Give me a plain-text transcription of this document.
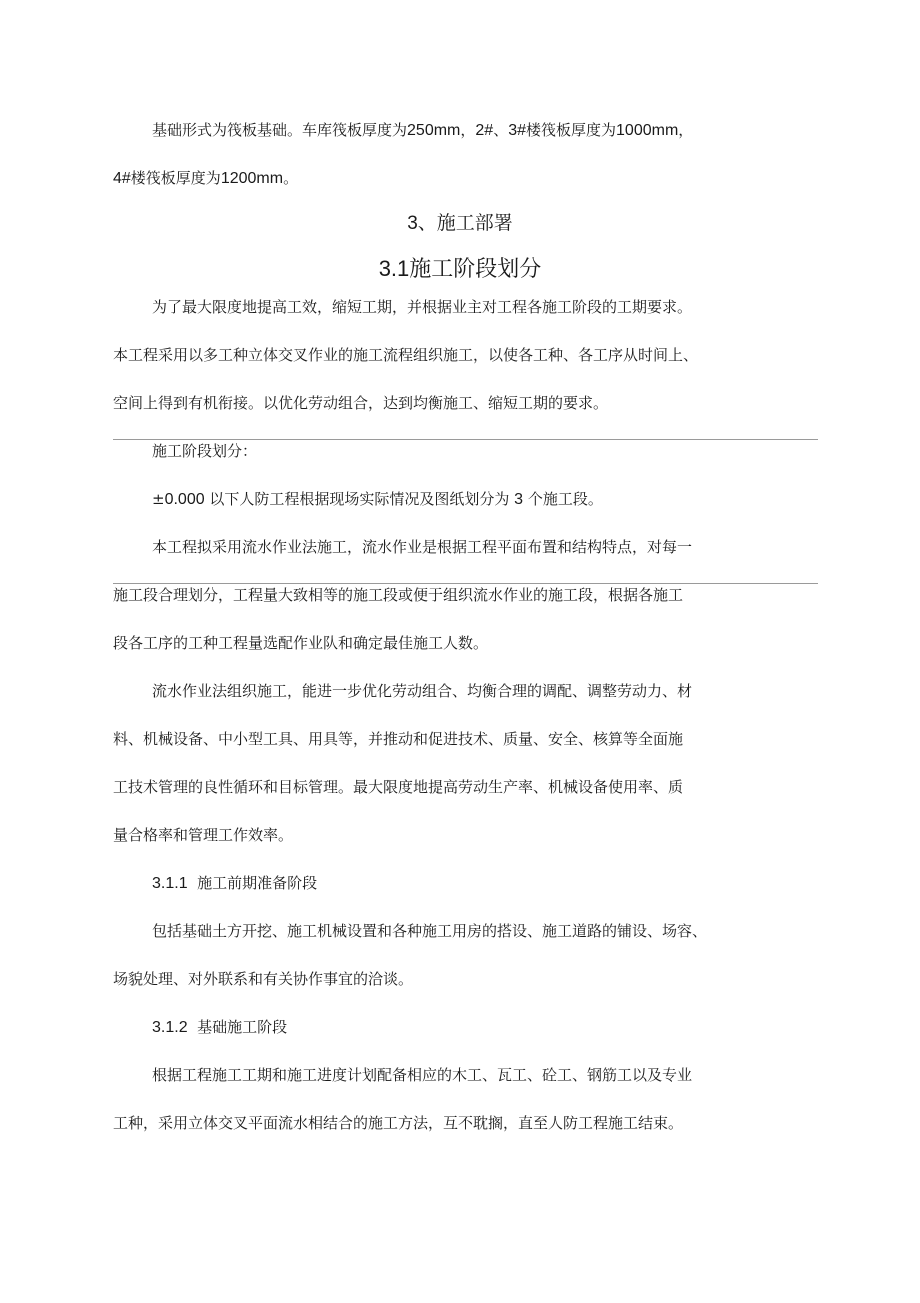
基础形式为筏板基础。车库筏板厚度为250mm，2#、3#楼筏板厚度为1000mm，
4#楼筏板厚度为1200mm。
3、施工部署
3.1施工阶段划分
为了最大限度地提高工效，缩短工期，并根据业主对工程各施工阶段的工期要求。
本工程采用以多工种立体交叉作业的施工流程组织施工，以使各工种、各工序从时间上、
空间上得到有机衔接。以优化劳动组合，达到均衡施工、缩短工期的要求。
施工阶段划分：
±0.000 以下人防工程根据现场实际情况及图纸划分为 3 个施工段。
本工程拟采用流水作业法施工，流水作业是根据工程平面布置和结构特点，对每一
施工段合理划分，工程量大致相等的施工段或便于组织流水作业的施工段，根据各施工
段各工序的工种工程量选配作业队和确定最佳施工人数。
流水作业法组织施工，能进一步优化劳动组合、均衡合理的调配、调整劳动力、材
料、机械设备、中小型工具、用具等，并推动和促进技术、质量、安全、核算等全面施
工技术管理的良性循环和目标管理。最大限度地提高劳动生产率、机械设备使用率、质
量合格率和管理工作效率。
3.1.1 施工前期准备阶段
包括基础土方开挖、施工机械设置和各种施工用房的搭设、施工道路的铺设、场容、
场貌处理、对外联系和有关协作事宜的洽谈。
3.1.2 基础施工阶段
根据工程施工工期和施工进度计划配备相应的木工、瓦工、砼工、钢筋工以及专业
工种，采用立体交叉平面流水相结合的施工方法，互不耽搁，直至人防工程施工结束。
